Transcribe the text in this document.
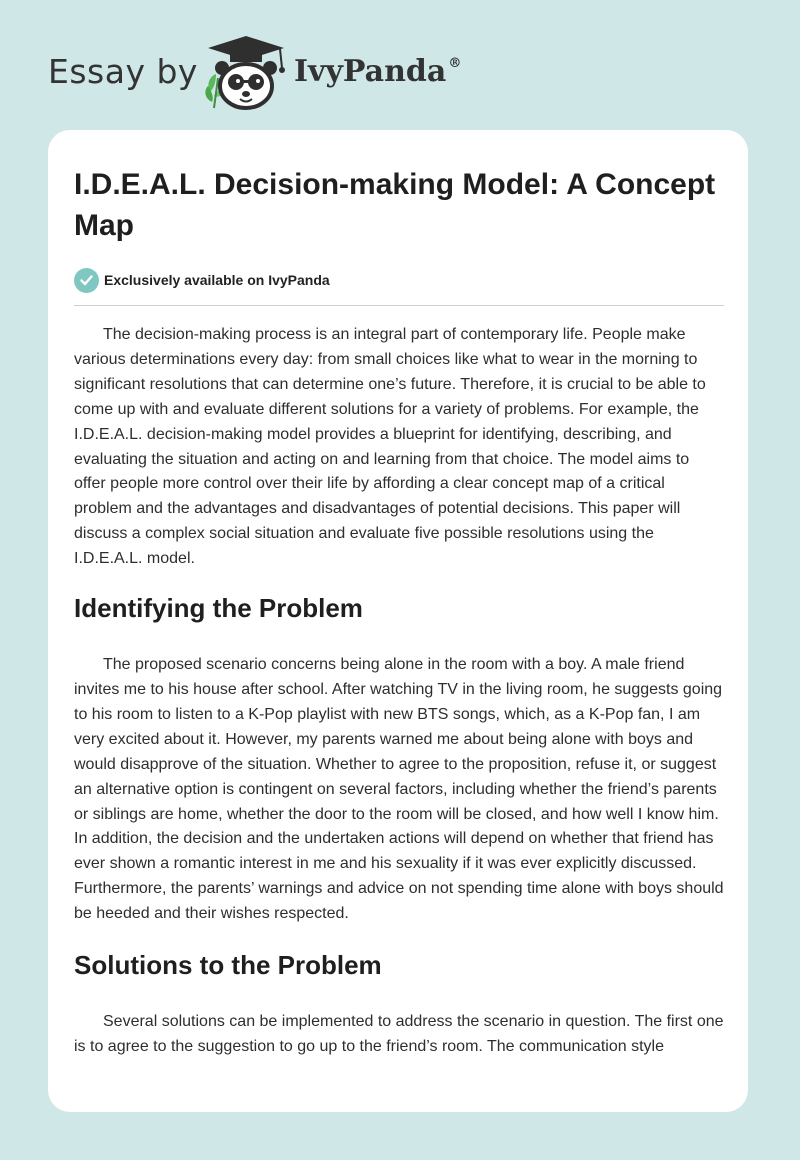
Essay by	IvyPanda ®
I.D.E.A.L. Decision-making Model: A Concept Map
Exclusively available on IvyPanda

The decision-making process is an integral part of contemporary life. People make various determinations every day: from small choices like what to wear in the morning to significant resolutions that can determine one’s future. Therefore, it is crucial to be able to come up with and evaluate different solutions for a variety of problems. For example, the I.D.E.A.L. decision-making model provides a blueprint for identifying, describing, and evaluating the situation and acting on and learning from that choice. The model aims to offer people more control over their life by affording a clear concept map of a critical problem and the advantages and disadvantages of potential decisions. This paper will discuss a complex social situation and evaluate five possible resolutions using the I.D.E.A.L. model.

Identifying the Problem

The proposed scenario concerns being alone in the room with a boy. A male friend invites me to his house after school. After watching TV in the living room, he suggests going to his room to listen to a K-Pop playlist with new BTS songs, which, as a K-Pop fan, I am very excited about it. However, my parents warned me about being alone with boys and would disapprove of the situation. Whether to agree to the proposition, refuse it, or suggest an alternative option is contingent on several factors, including whether the friend’s parents or siblings are home, whether the door to the room will be closed, and how well I know him. In addition, the decision and the undertaken actions will depend on whether that friend has ever shown a romantic interest in me and his sexuality if it was ever explicitly discussed. Furthermore, the parents’ warnings and advice on not spending time alone with boys should be heeded and their wishes respected.

Solutions to the Problem

Several solutions can be implemented to address the scenario in question. The first one is to agree to the suggestion to go up to the friend’s room. The communication style
